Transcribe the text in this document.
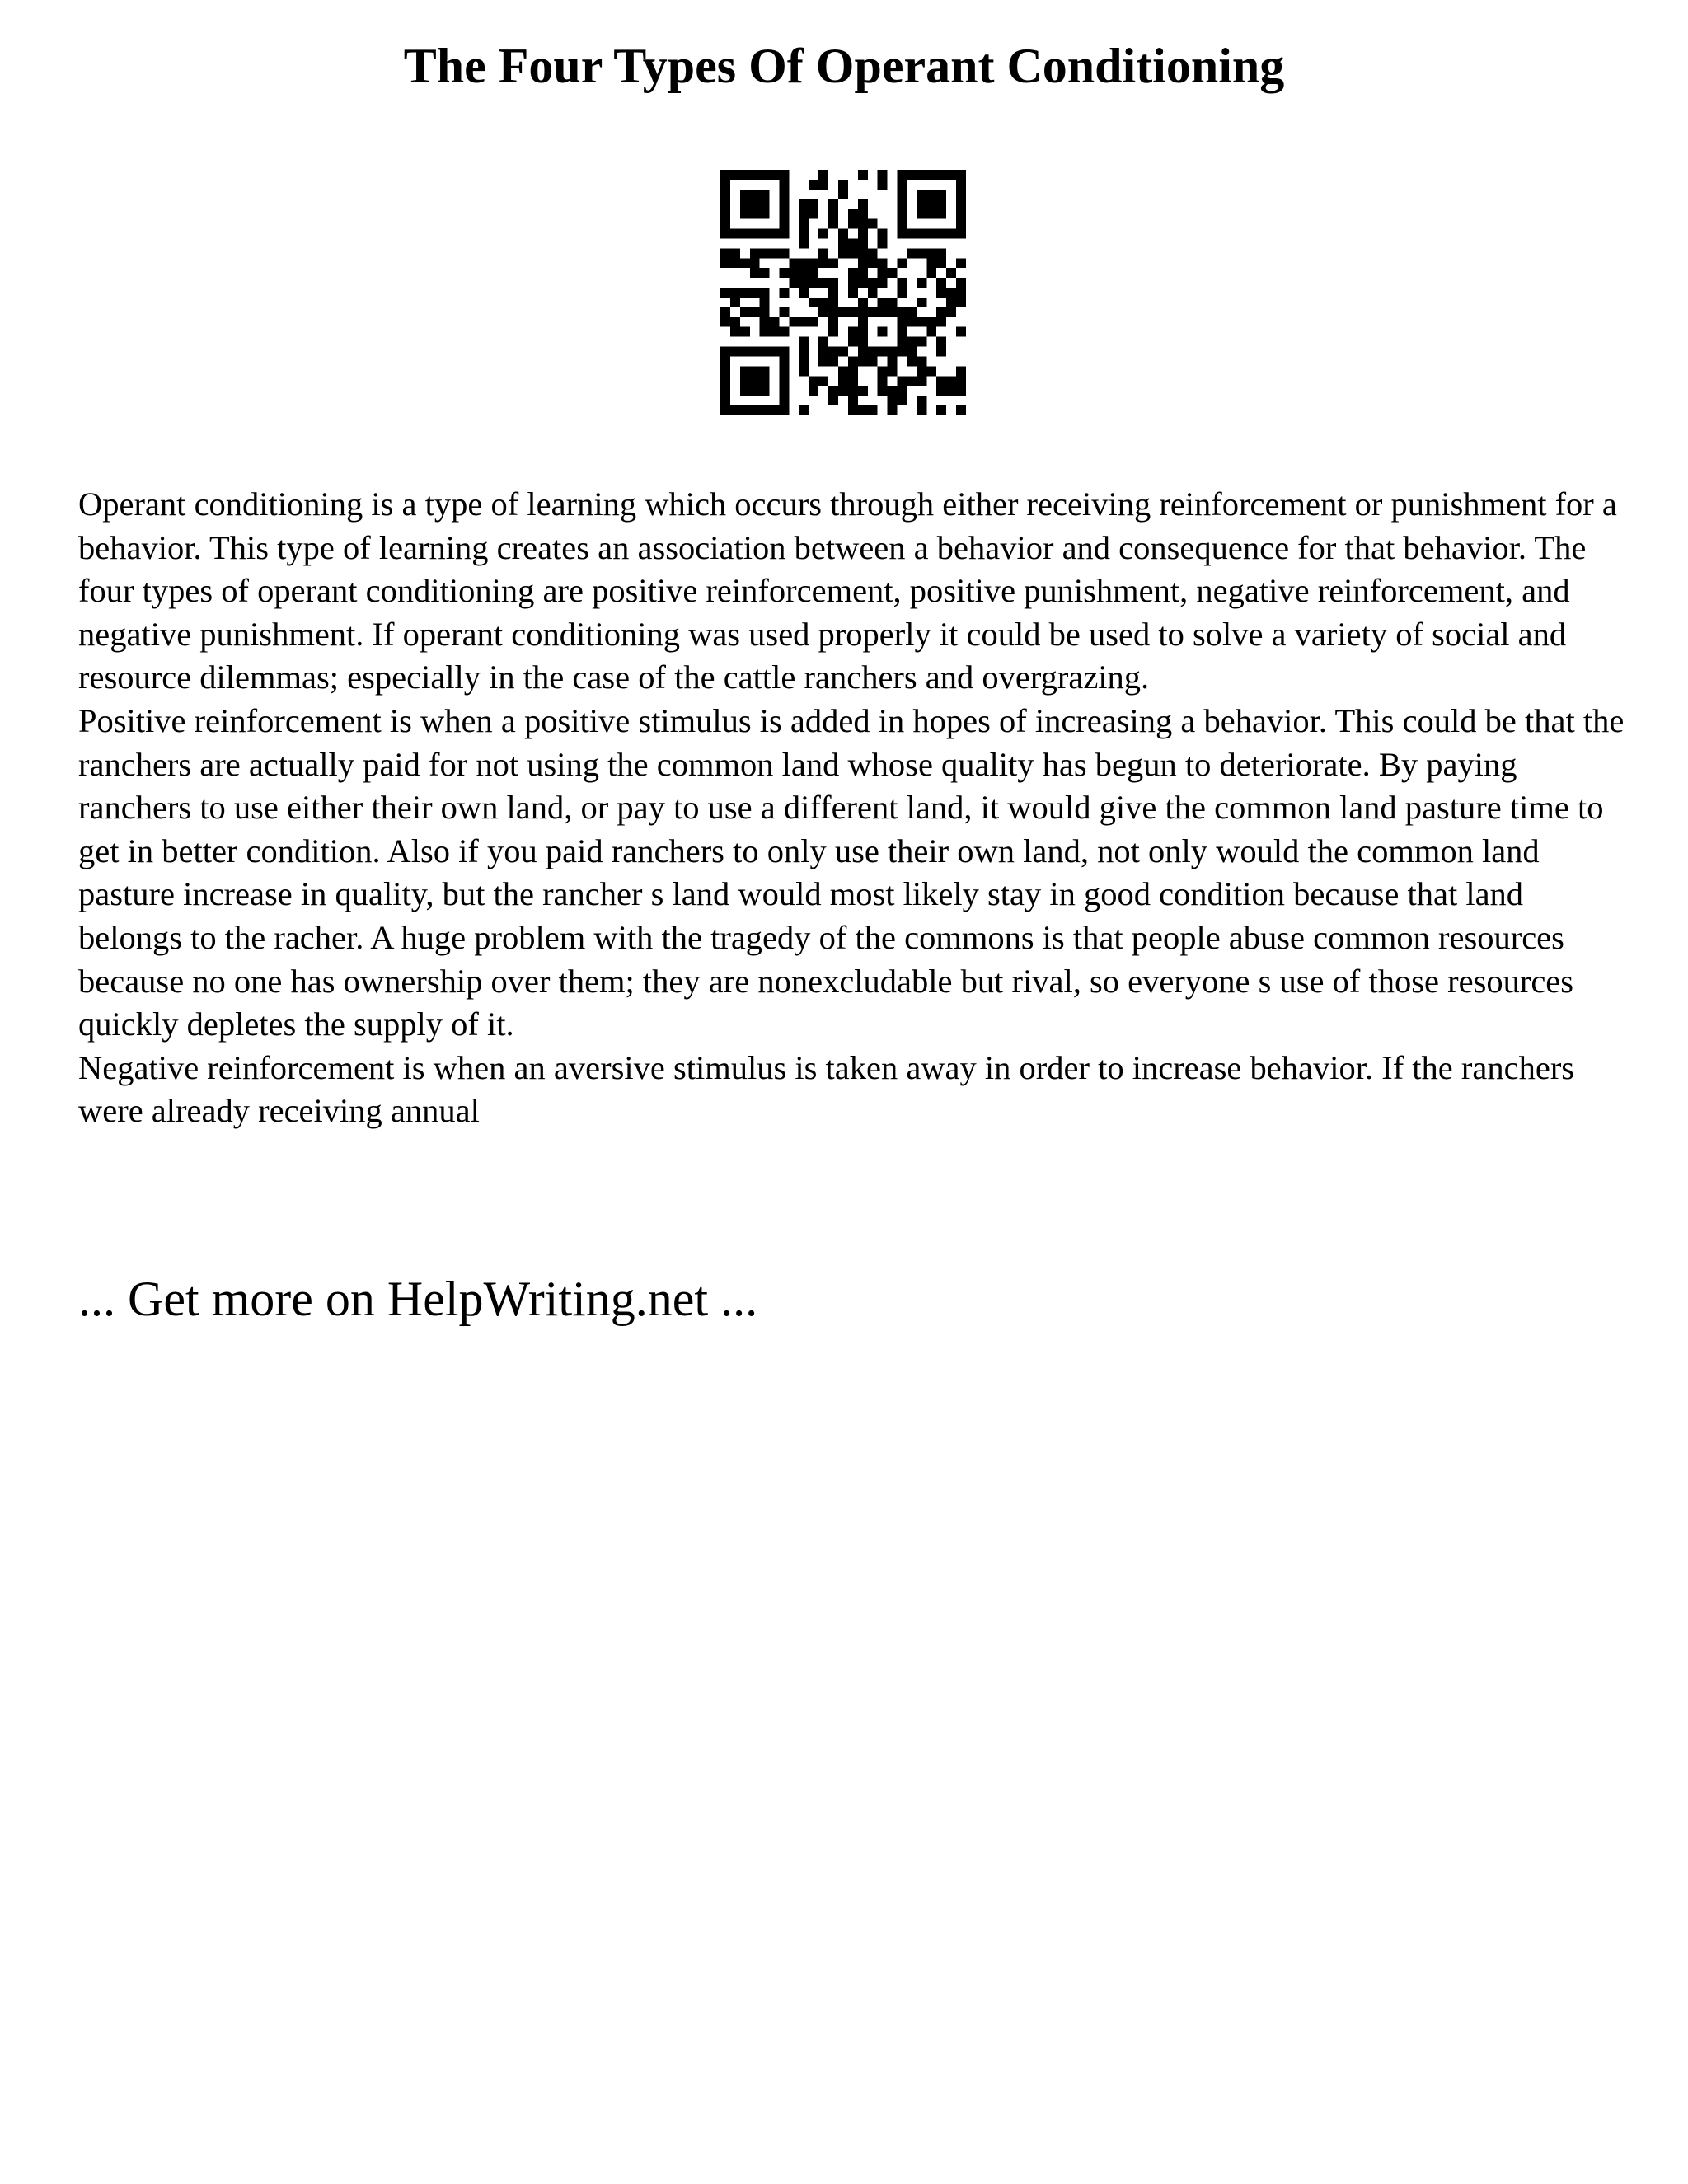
The Four Types Of Operant Conditioning

Operant conditioning is a type of learning which occurs through either receiving reinforcement or punishment for a behavior. This type of learning creates an association between a behavior and consequence for that behavior. The four types of operant conditioning are positive reinforcement, positive punishment, negative reinforcement, and negative punishment. If operant conditioning was used properly it could be used to solve a variety of social and resource dilemmas; especially in the case of the cattle ranchers and overgrazing.

Positive reinforcement is when a positive stimulus is added in hopes of increasing a behavior. This could be that the ranchers are actually paid for not using the common land whose quality has begun to deteriorate. By paying ranchers to use either their own land, or pay to use a different land, it would give the common land pasture time to get in better condition. Also if you paid ranchers to only use their own land, not only would the common land pasture increase in quality, but the rancher s land would most likely stay in good condition because that land belongs to the racher. A huge problem with the tragedy of the commons is that people abuse common resources because no one has ownership over them; they are nonexcludable but rival, so everyone s use of those resources quickly depletes the supply of it.

Negative reinforcement is when an aversive stimulus is taken away in order to increase behavior. If the ranchers were already receiving annual

... Get more on HelpWriting.net ...
